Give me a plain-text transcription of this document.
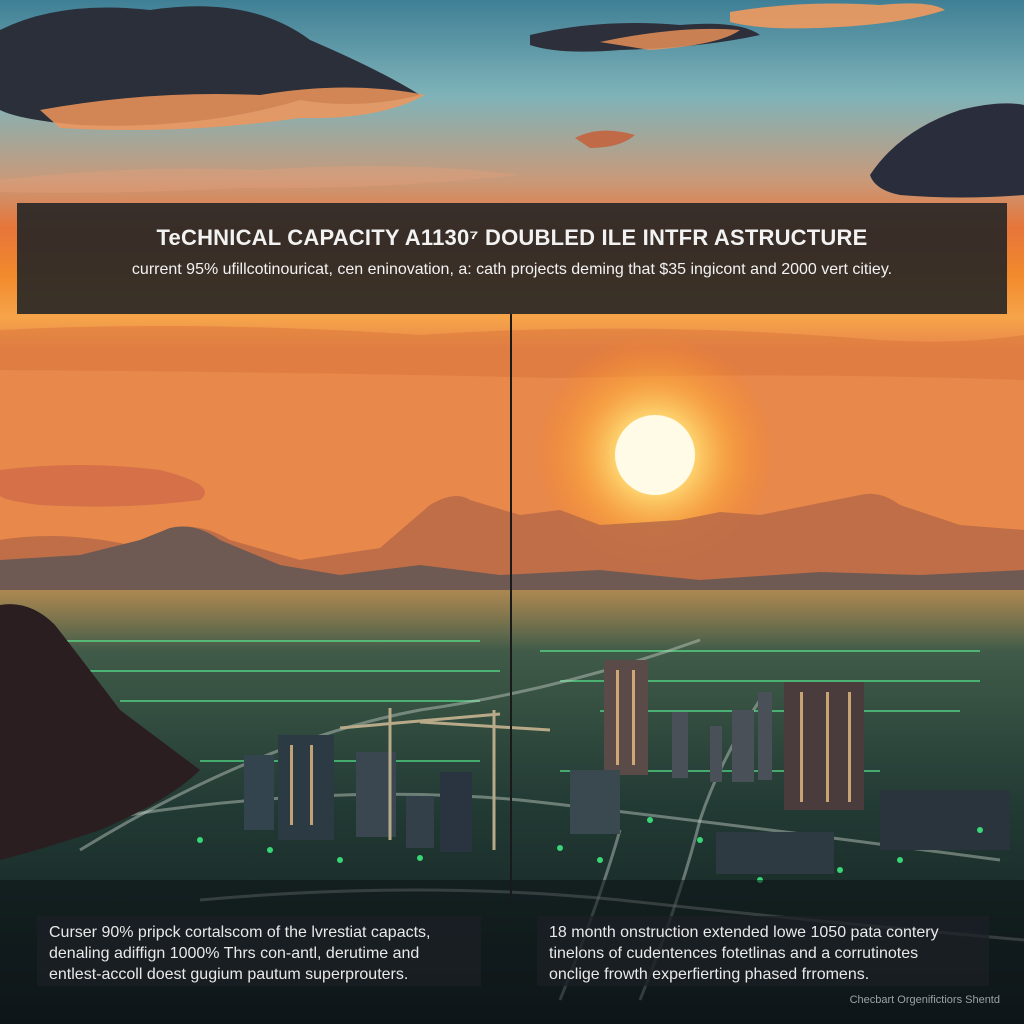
TeCHNICAL CAPACITY A1130⁷ DOUBLED ILE INTFR ASTRUCTURE
current 95% ufillcotinouricat, cen eninovation, a: cath projects deming that $35 ingicont and 2000 vert citiey.

Curser 90% pripck cortalscom of the lvrestiat capacts,

denaling adiffign 1000% Thrs con-antl, derutime and

entlest-accoll doest gugium pautum superprouters.

18 month onstruction extended lowe 1050 pata contery

tinelons of cudentences fotetlinas and a corrutinotes

onclige frowth experfierting phased frromens.

Checbart Orgenifictiors Shentd
